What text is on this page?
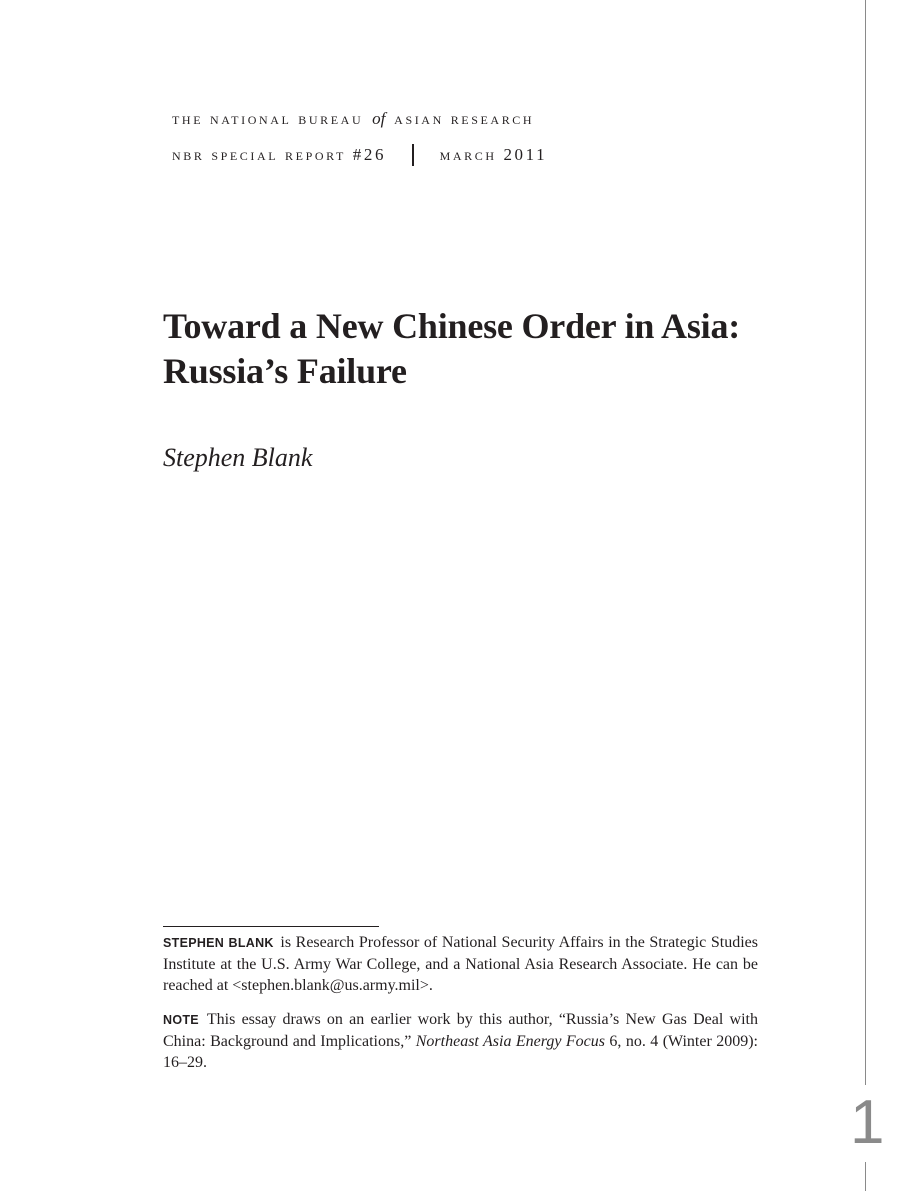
the national bureau of asian research
nbr special report #26	march 2011
Toward a New Chinese Order in Asia:
Russia’s Failure
Stephen Blank

STEPHEN BLANK is Research Professor of National Security Affairs in the Strategic Studies Institute at the U.S. Army War College, and a National Asia Research Associate. He can be reached at <stephen.blank@us.army.mil>.

NOTE This essay draws on an earlier work by this author, “Russia’s New Gas Deal with China: Background and Implications,” Northeast Asia Energy Focus 6, no. 4 (Winter 2009): 16–29.

1
